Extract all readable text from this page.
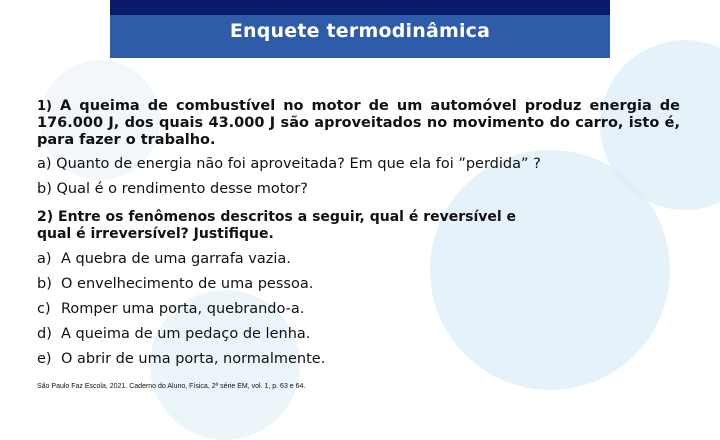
Enquete termodinâmica
1) A queima de combustível no motor de um automóvel produz energia de 176.000 J, dos quais 43.000 J são aproveitados no movimento do carro, isto é, para fazer o trabalho.
a) Quanto de energia não foi aproveitada? Em que ela foi ”perdida” ?
b) Qual é o rendimento desse motor?
2) Entre os fenômenos descritos a seguir, qual é reversível e qual é irreversível? Justifique.
a) A quebra de uma garrafa vazia.
b) O envelhecimento de uma pessoa.
c) Romper uma porta, quebrando-a.
d) A queima de um pedaço de lenha.
e) O abrir de uma porta, normalmente.
São Paulo Faz Escola, 2021. Caderno do Aluno, Física, 2ª série EM, vol. 1, p. 63 e 64.
